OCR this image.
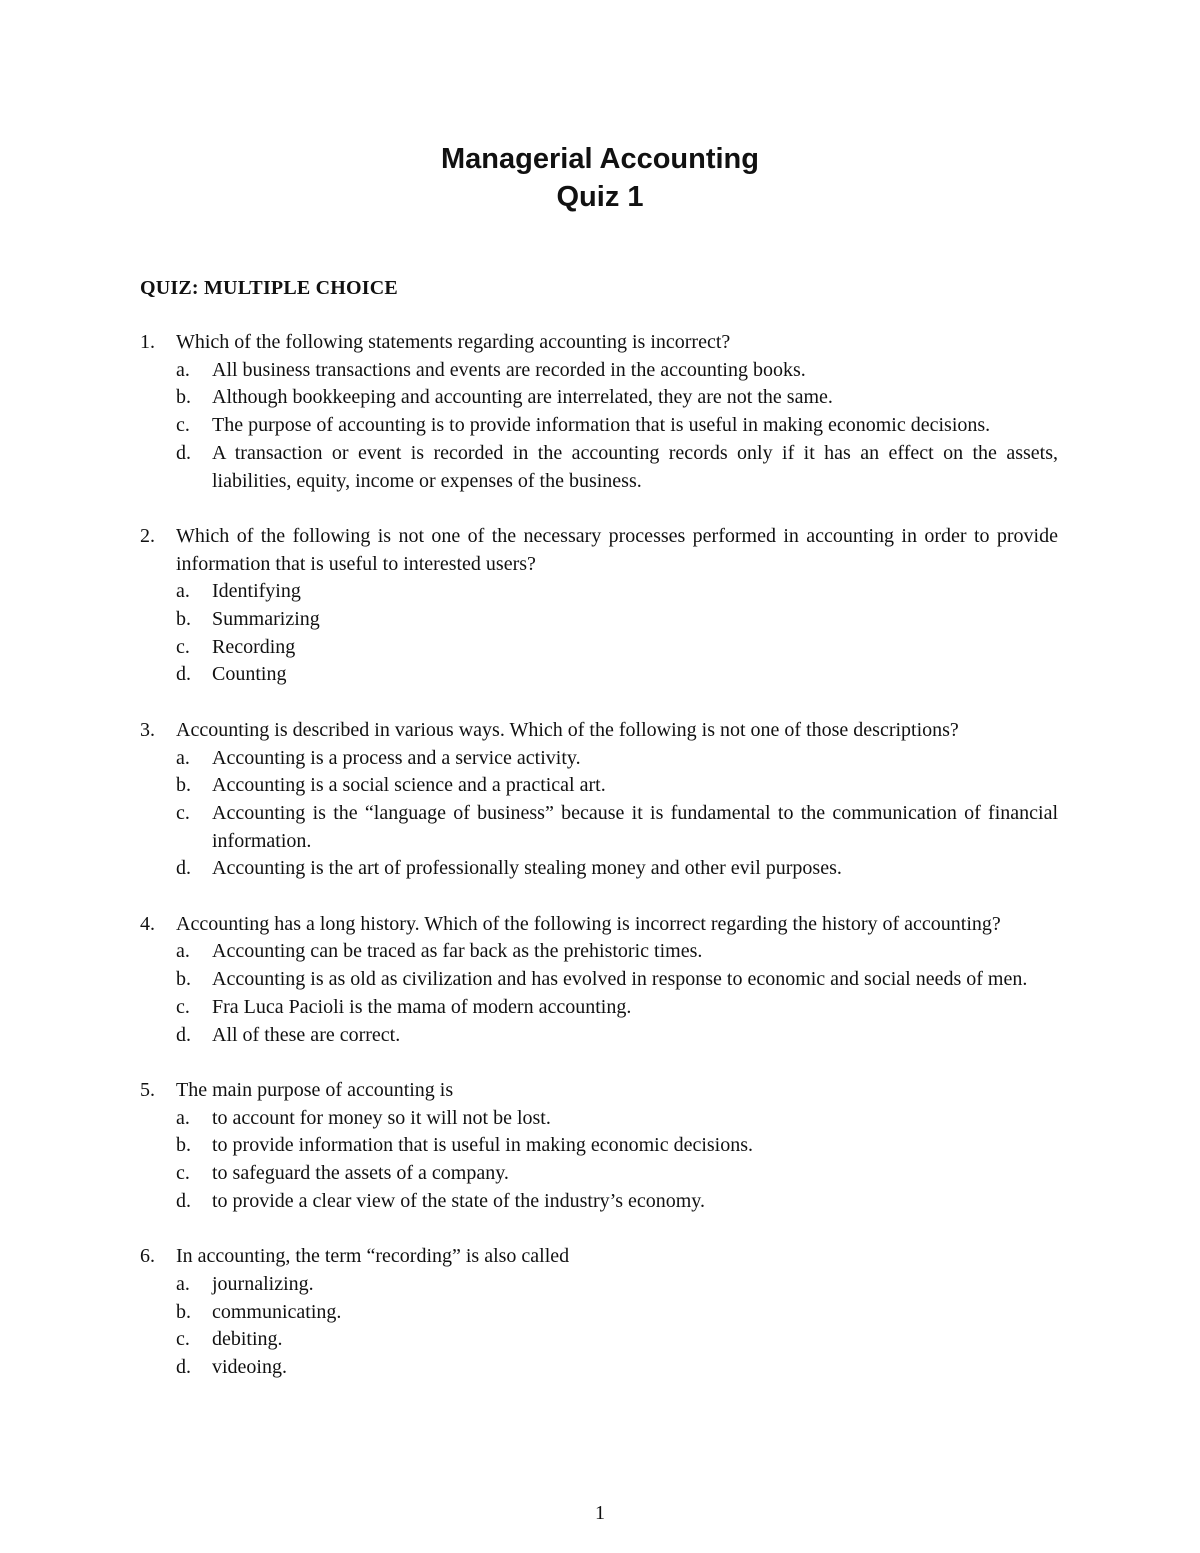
Managerial Accounting
Quiz 1
QUIZ: MULTIPLE CHOICE
1.	Which of the following statements regarding accounting is incorrect?
a.	All business transactions and events are recorded in the accounting books.
b.	Although bookkeeping and accounting are interrelated, they are not the same.
c.	The purpose of accounting is to provide information that is useful in making economic decisions.
d.	A transaction or event is recorded in the accounting records only if it has an effect on the assets, liabilities, equity, income or expenses of the business.
2.	Which of the following is not one of the necessary processes performed in accounting in order to provide information that is useful to interested users?
a.	Identifying
b.	Summarizing
c.	Recording
d.	Counting
3.	Accounting is described in various ways. Which of the following is not one of those descriptions?
a.	Accounting is a process and a service activity.
b.	Accounting is a social science and a practical art.
c.	Accounting is the “language of business” because it is fundamental to the communication of financial information.
d.	Accounting is the art of professionally stealing money and other evil purposes.
4.	Accounting has a long history. Which of the following is incorrect regarding the history of accounting?
a.	Accounting can be traced as far back as the prehistoric times.
b.	Accounting is as old as civilization and has evolved in response to economic and social needs of men.
c.	Fra Luca Pacioli is the mama of modern accounting.
d.	All of these are correct.
5.	The main purpose of accounting is
a.	to account for money so it will not be lost.
b.	to provide information that is useful in making economic decisions.
c.	to safeguard the assets of a company.
d.	to provide a clear view of the state of the industry’s economy.
6.	In accounting, the term “recording” is also called
a.	journalizing.
b.	communicating.
c.	debiting.
d.	videoing.
1
